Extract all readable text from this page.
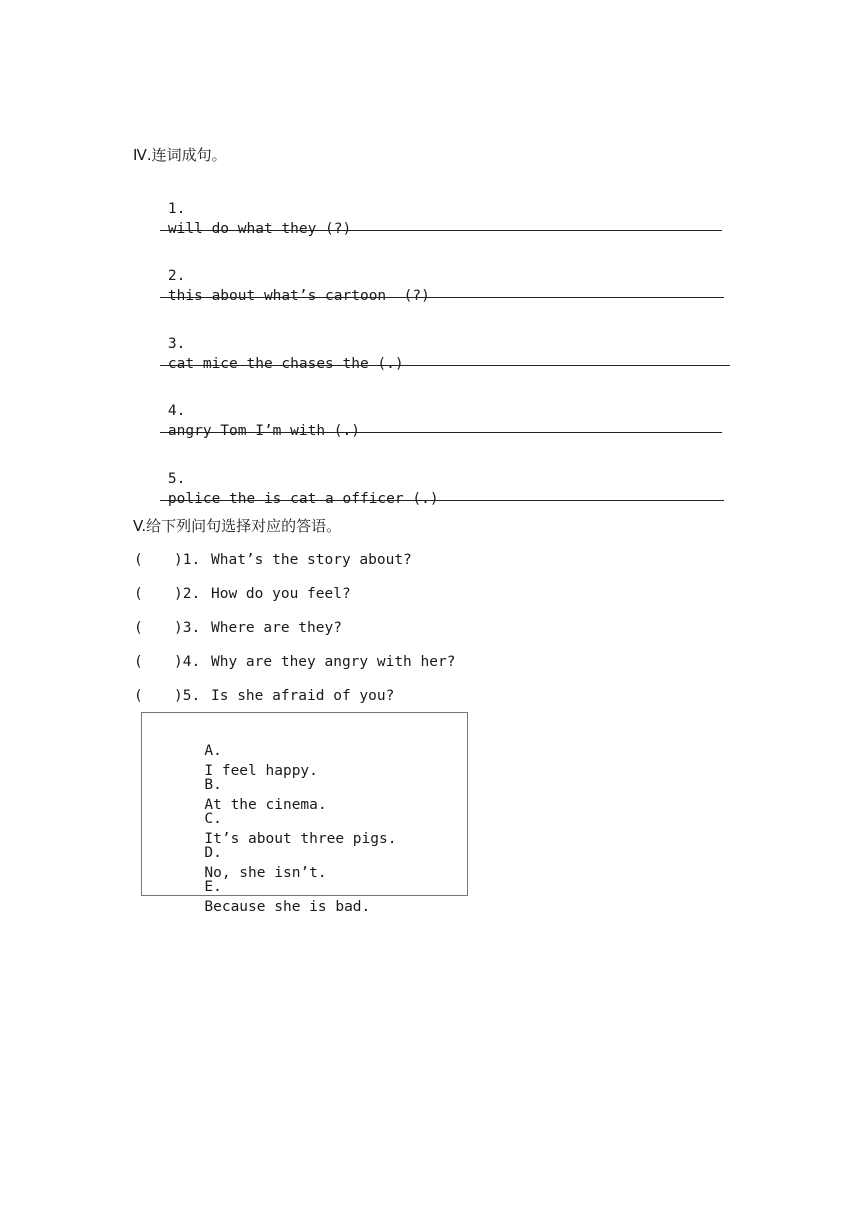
Ⅳ.连词成句。

1.
will do what they (?)

2.
this about what’s cartoon  (?)

3.
cat mice the chases the (.)

4.
angry Tom I’m with (.)

5.
police the is cat a officer (.)

V.给下列问句选择对应的答语。
( )1. What’s the story about?
( )2. How do you feel?
( )3. Where are they?
( )4. Why are they angry with her?
( )5. Is she afraid of you?

A.
I feel happy.

B.
At the cinema.

C.
It’s about three pigs.

D.
No, she isn’t.

E.
Because she is bad.
